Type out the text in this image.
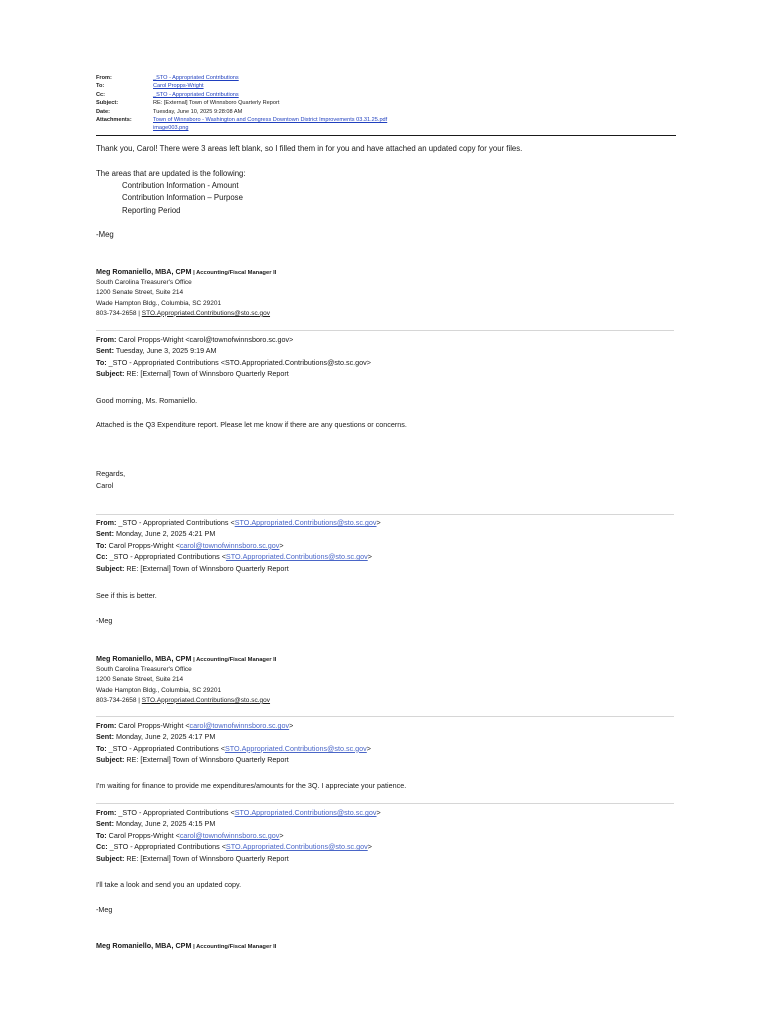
From:	_STO - Appropriated Contributions
To:	Carol Propps-Wright
Cc:	_STO - Appropriated Contributions
Subject:	RE: [External] Town of Winnsboro Quarterly Report
Date:	Tuesday, June 10, 2025 9:28:08 AM
Attachments:	Town of Winnsboro - Washington and Congress Downtown District Improvements 03.31.25.pdf
image003.png
Thank you, Carol! There were 3 areas left blank, so I filled them in for you and have attached an updated copy for your files.
The areas that are updated is the following:
Contribution Information - Amount
Contribution Information – Purpose
Reporting Period
-Meg
Meg Romaniello, MBA, CPM | Accounting/Fiscal Manager II
South Carolina Treasurer's Office
1200 Senate Street, Suite 214
Wade Hampton Bldg., Columbia, SC 29201
803-734-2658 | STO.Appropriated.Contributions@sto.sc.gov
From: Carol Propps-Wright <carol@townofwinnsboro.sc.gov>
Sent: Tuesday, June 3, 2025 9:19 AM
To: _STO - Appropriated Contributions <STO.Appropriated.Contributions@sto.sc.gov>
Subject: RE: [External] Town of Winnsboro Quarterly Report
Good morning, Ms. Romaniello.
Attached is the Q3 Expenditure report. Please let me know if there are any questions or concerns.
Regards,
Carol
From: _STO - Appropriated Contributions <STO.Appropriated.Contributions@sto.sc.gov>
Sent: Monday, June 2, 2025 4:21 PM
To: Carol Propps-Wright <carol@townofwinnsboro.sc.gov>
Cc: _STO - Appropriated Contributions <STO.Appropriated.Contributions@sto.sc.gov>
Subject: RE: [External] Town of Winnsboro Quarterly Report
See if this is better.
-Meg
Meg Romaniello, MBA, CPM | Accounting/Fiscal Manager II
South Carolina Treasurer's Office
1200 Senate Street, Suite 214
Wade Hampton Bldg., Columbia, SC 29201
803-734-2658 | STO.Appropriated.Contributions@sto.sc.gov
From: Carol Propps-Wright <carol@townofwinnsboro.sc.gov>
Sent: Monday, June 2, 2025 4:17 PM
To: _STO - Appropriated Contributions <STO.Appropriated.Contributions@sto.sc.gov>
Subject: RE: [External] Town of Winnsboro Quarterly Report
I'm waiting for finance to provide me expenditures/amounts for the 3Q. I appreciate your patience.
From: _STO - Appropriated Contributions <STO.Appropriated.Contributions@sto.sc.gov>
Sent: Monday, June 2, 2025 4:15 PM
To: Carol Propps-Wright <carol@townofwinnsboro.sc.gov>
Cc: _STO - Appropriated Contributions <STO.Appropriated.Contributions@sto.sc.gov>
Subject: RE: [External] Town of Winnsboro Quarterly Report
I'll take a look and send you an updated copy.
-Meg
Meg Romaniello, MBA, CPM | Accounting/Fiscal Manager II
